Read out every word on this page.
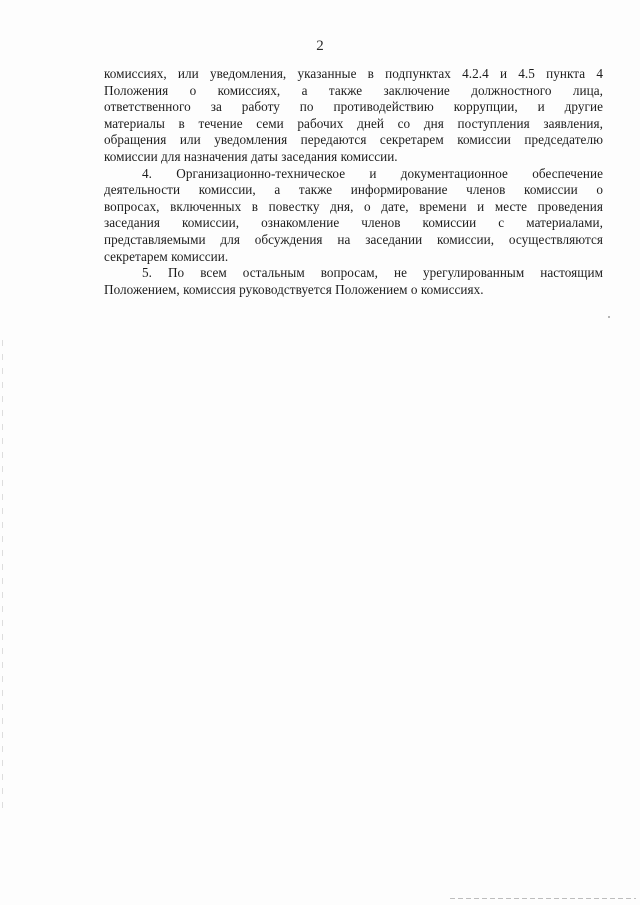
2
комиссиях, или уведомления, указанные в подпунктах 4.2.4 и 4.5 пункта 4
Положения о комиссиях, а также заключение должностного лица,
ответственного за работу по противодействию коррупции, и другие
материалы в течение семи рабочих дней со дня поступления заявления,
обращения или уведомления передаются секретарем комиссии председателю
комиссии для назначения даты заседания комиссии.
4. Организационно-техническое и документационное обеспечение
деятельности комиссии, а также информирование членов комиссии о
вопросах, включенных в повестку дня, о дате, времени и месте проведения
заседания комиссии, ознакомление членов комиссии с материалами,
представляемыми для обсуждения на заседании комиссии, осуществляются
секретарем комиссии.
5. По всем остальным вопросам, не урегулированным настоящим
Положением, комиссия руководствуется Положением о комиссиях.
